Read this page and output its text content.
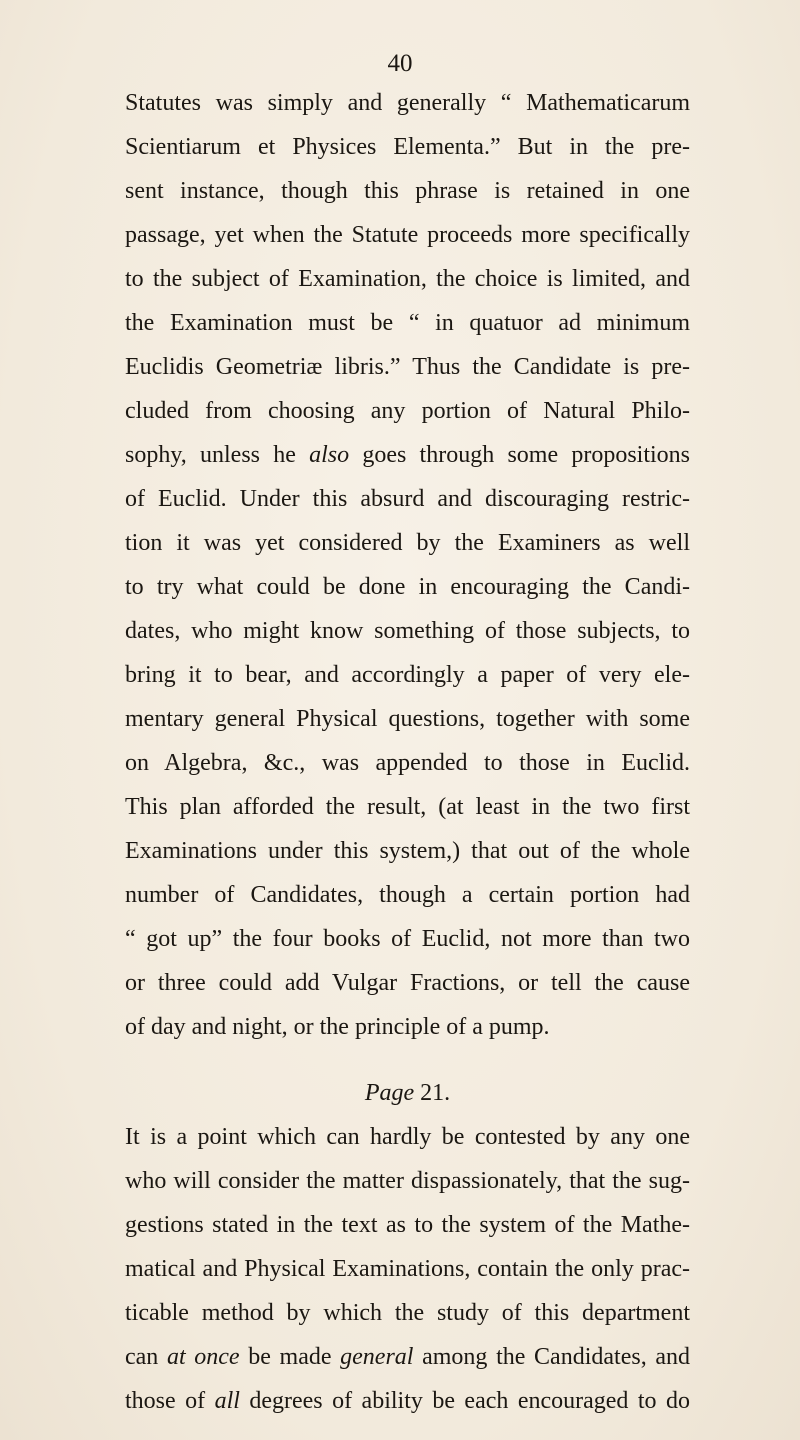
40
Statutes was simply and generally “ Mathematicarum
Scientiarum et Physices Elementa.” But in the pre-
sent instance, though this phrase is retained in one
passage, yet when the Statute proceeds more specifically
to the subject of Examination, the choice is limited, and
the Examination must be “ in quatuor ad minimum
Euclidis Geometriæ libris.” Thus the Candidate is pre-
cluded from choosing any portion of Natural Philo-
sophy, unless he also goes through some propositions
of Euclid. Under this absurd and discouraging restric-
tion it was yet considered by the Examiners as well
to try what could be done in encouraging the Candi-
dates, who might know something of those subjects, to
bring it to bear, and accordingly a paper of very ele-
mentary general Physical questions, together with some
on Algebra, &c., was appended to those in Euclid.
This plan afforded the result, (at least in the two first
Examinations under this system,) that out of the whole
number of Candidates, though a certain portion had
“ got up” the four books of Euclid, not more than two
or three could add Vulgar Fractions, or tell the cause
of day and night, or the principle of a pump.
Page 21.
It is a point which can hardly be contested by any one
who will consider the matter dispassionately, that the sug-
gestions stated in the text as to the system of the Mathe-
matical and Physical Examinations, contain the only prac-
ticable method by which the study of this department
can at once be made general among the Candidates, and
those of all degrees of ability be each encouraged to do
